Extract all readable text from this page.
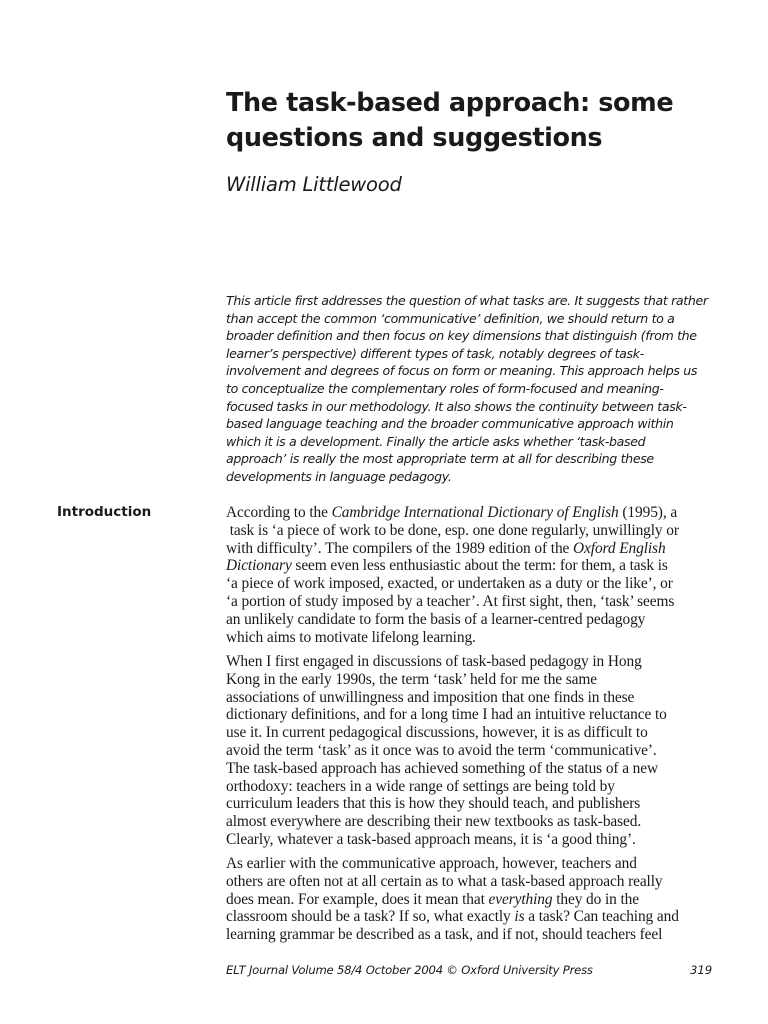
The task-based approach: some
questions and suggestions
William Littlewood
This article first addresses the question of what tasks are. It suggests that rather
than accept the common ‘communicative’ definition, we should return to a
broader definition and then focus on key dimensions that distinguish (from the
learner’s perspective) different types of task, notably degrees of task-
involvement and degrees of focus on form or meaning. This approach helps us
to conceptualize the complementary roles of form-focused and meaning-
focused tasks in our methodology. It also shows the continuity between task-
based language teaching and the broader communicative approach within
which it is a development. Finally the article asks whether ‘task-based
approach’ is really the most appropriate term at all for describing these
developments in language pedagogy.
Introduction	According to the Cambridge International Dictionary of English (1995), a
task is ‘a piece of work to be done, esp. one done regularly, unwillingly or
with difficulty’. The compilers of the 1989 edition of the Oxford English
Dictionary seem even less enthusiastic about the term: for them, a task is
‘a piece of work imposed, exacted, or undertaken as a duty or the like’, or
‘a portion of study imposed by a teacher’. At first sight, then, ‘task’ seems
an unlikely candidate to form the basis of a learner-centred pedagogy
which aims to motivate lifelong learning.
When I first engaged in discussions of task-based pedagogy in Hong
Kong in the early 1990s, the term ‘task’ held for me the same
associations of unwillingness and imposition that one finds in these
dictionary definitions, and for a long time I had an intuitive reluctance to
use it. In current pedagogical discussions, however, it is as difficult to
avoid the term ‘task’ as it once was to avoid the term ‘communicative’.
The task-based approach has achieved something of the status of a new
orthodoxy: teachers in a wide range of settings are being told by
curriculum leaders that this is how they should teach, and publishers
almost everywhere are describing their new textbooks as task-based.
Clearly, whatever a task-based approach means, it is ‘a good thing’.
As earlier with the communicative approach, however, teachers and
others are often not at all certain as to what a task-based approach really
does mean. For example, does it mean that everything they do in the
classroom should be a task? If so, what exactly is a task? Can teaching and
learning grammar be described as a task, and if not, should teachers feel
ELT Journal Volume 58/4 October 2004 © Oxford University Press	319
